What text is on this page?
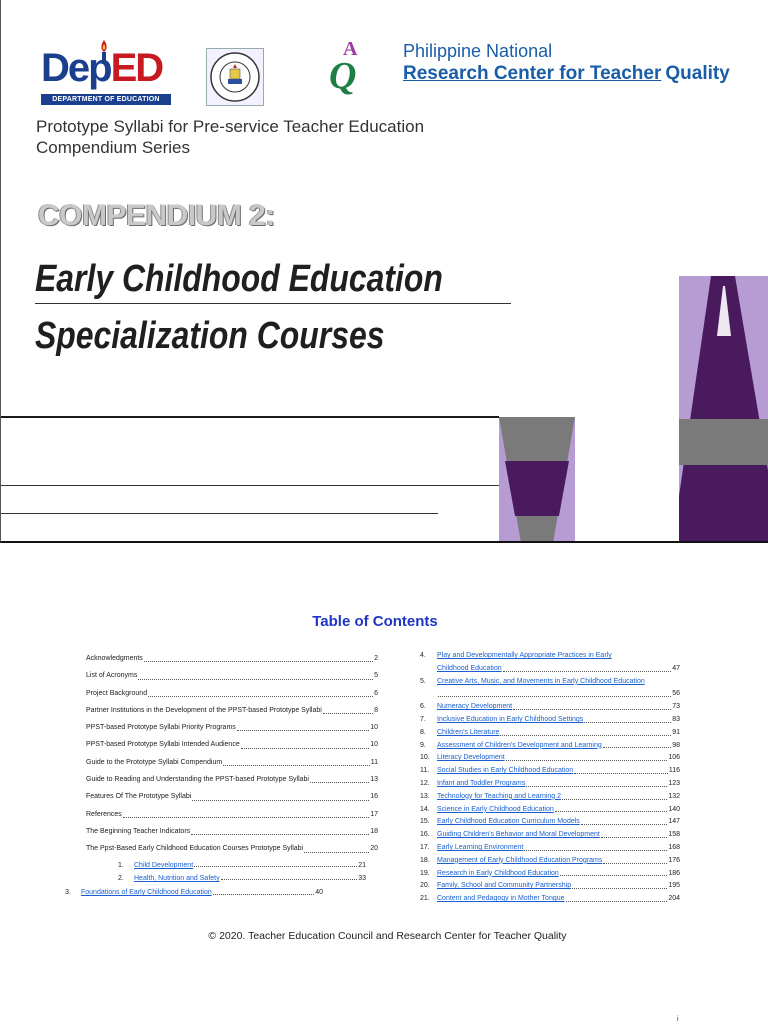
DepED
DEPARTMENT OF EDUCATION
A
Q
Philippine National
Research Center for Teacher Quality
Prototype Syllabi for Pre-service Teacher Education
Compendium Series
COMPENDIUM 2:
Early Childhood Education
Specialization Courses
Table of Contents
Acknowledgments	2
List of Acronyms	5
Project Background	6
Partner Institutions in the Development of the PPST-based Prototype Syllabi	8
PPST-based Prototype Syllabi Priority Programs	10
PPST-based Prototype Syllabi Intended Audience	10
Guide to the Prototype Syllabi Compendium	11
Guide to Reading and Understanding the PPST-based Prototype Syllabi	13
Features Of The Prototype Syllabi	16
References	17
The Beginning Teacher Indicators	18
The Ppst-Based Early Childhood Education Courses Prototype Syllabi	20
1. Child Development	21
2. Health, Nutrition and Safety	33
3. Foundations of Early Childhood Education	40
4.	Play and Developmentally Appropriate Practices in Early
Childhood Education	47
5.	Creative Arts, Music, and Movements in Early Childhood Education
56
6.	Numeracy Development	73
7.	Inclusive Education in Early Childhood Settings	83
8.	Children's Literature	91
9.	Assessment of Children's Development and Learning	98
10.	Literacy Development	106
11.	Social Studies in Early Childhood Education	116
12.	Infant and Toddler Programs	123
13.	Technology for Teaching and Learning 2	132
14.	Science in Early Childhood Education	140
15.	Early Childhood Education Curriculum Models	147
16.	Guiding Children's Behavior and Moral Development	158
17.	Early Learning Environment	168
18.	Management of Early Childhood Education Programs	176
19.	Research in Early Childhood Education	186
20.	Family, School and Community Partnership	195
21.	Content and Pedagogy in Mother Tongue	204
© 2020. Teacher Education Council and Research Center for Teacher Quality
i
